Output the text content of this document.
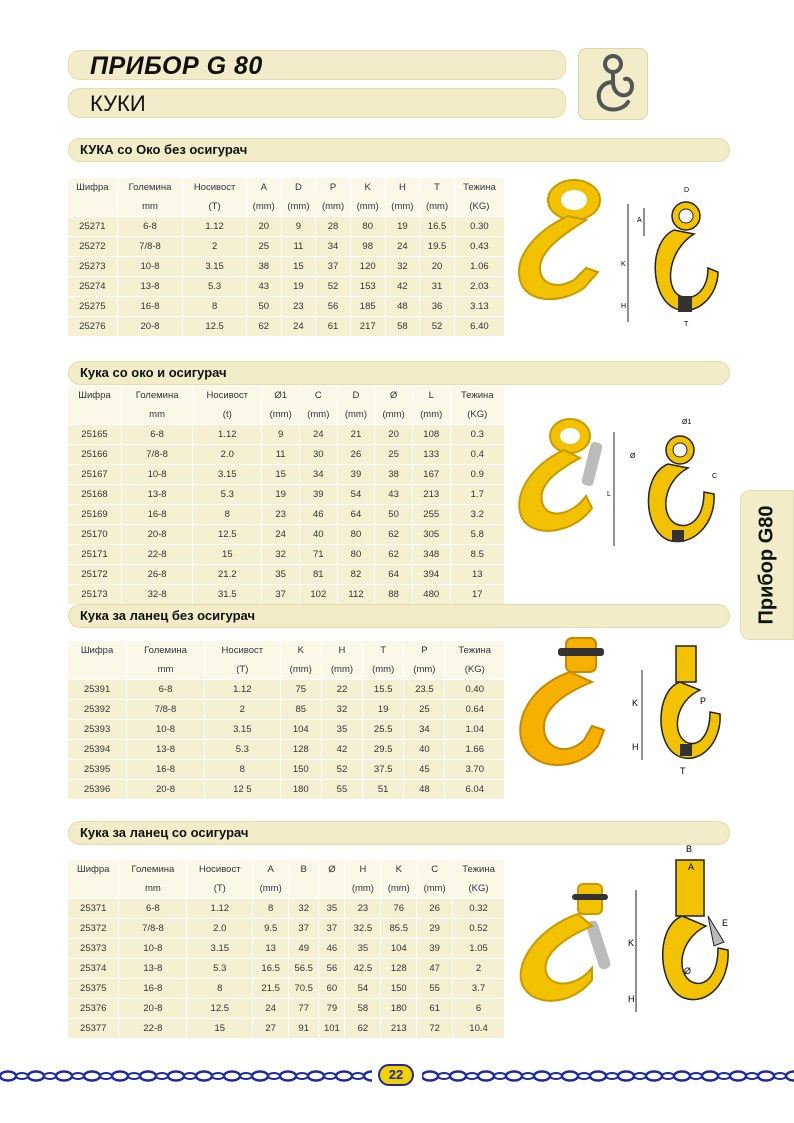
ПРИБОР G 80
КУКИ
КУКА со Око без осигурач
Шифра	Големина	Носивост	A	D	P	K	H	T	Тежина
	mm	(T)	(mm)	(mm)	(mm)	(mm)	(mm)	(mm)	(KG)
25271	6-8	1.12	20	9	28	80	19	16.5	0.30
25272	7/8-8	2	25	11	34	98	24	19.5	0.43
25273	10-8	3.15	38	15	37	120	32	20	1.06
25274	13-8	5.3	43	19	52	153	42	31	2.03
25275	16-8	8	50	23	56	185	48	36	3.13
25276	20-8	12.5	62	24	61	217	58	52	6.40
Кука со око и осигурач
Шифра	Големина	Носивост	Ø1	C	D	Ø	L	Тежина
	mm	(t)	(mm)	(mm)	(mm)	(mm)	(mm)	(KG)
25165	6-8	1.12	9	24	21	20	108	0.3
25166	7/8-8	2.0	11	30	26	25	133	0.4
25167	10-8	3.15	15	34	39	38	167	0.9
25168	13-8	5.3	19	39	54	43	213	1.7
25169	16-8	8	23	46	64	50	255	3.2
25170	20-8	12.5	24	40	80	62	305	5.8
25171	22-8	15	32	71	80	62	348	8.5
25172	26-8	21.2	35	81	82	64	394	13
25173	32-8	31.5	37	102	112	88	480	17
Кука за ланец без осигурач
Шифра	Големина	Носивост	K	H	T	P	Тежина
	mm	(T)	(mm)	(mm)	(mm)	(mm)	(KG)
25391	6-8	1.12	75	22	15.5	23.5	0.40
25392	7/8-8	2	85	32	19	25	0.64
25393	10-8	3.15	104	35	25.5	34	1.04
25394	13-8	5.3	128	42	29.5	40	1.66
25395	16-8	8	150	52	37.5	45	3.70
25396	20-8	12 5	180	55	51	48	6.04
Кука за ланец со осигурач
Шифра	Големина	Носивост	A	B	Ø	H	K	C	Тежина
	mm	(T)	(mm)			(mm)	(mm)	(mm)	(KG)
25371	6-8	1.12	8	32	35	23	76	26	0.32
25372	7/8-8	2.0	9.5	37	37	32.5	85.5	29	0.52
25373	10-8	3.15	13	49	46	35	104	39	1.05
25374	13-8	5.3	16.5	56.5	56	42.5	128	47	2
25375	16-8	8	21.5	70.5	60	54	150	55	3.7
25376	20-8	12.5	24	77	79	58	180	61	6
25377	22-8	15	27	91	101	62	213	72	10.4
Прибор G80
A
K
H
D
T
Ø1
Ø
L
C
K
H
P
T
B
A
K
H
Ø
E
22
